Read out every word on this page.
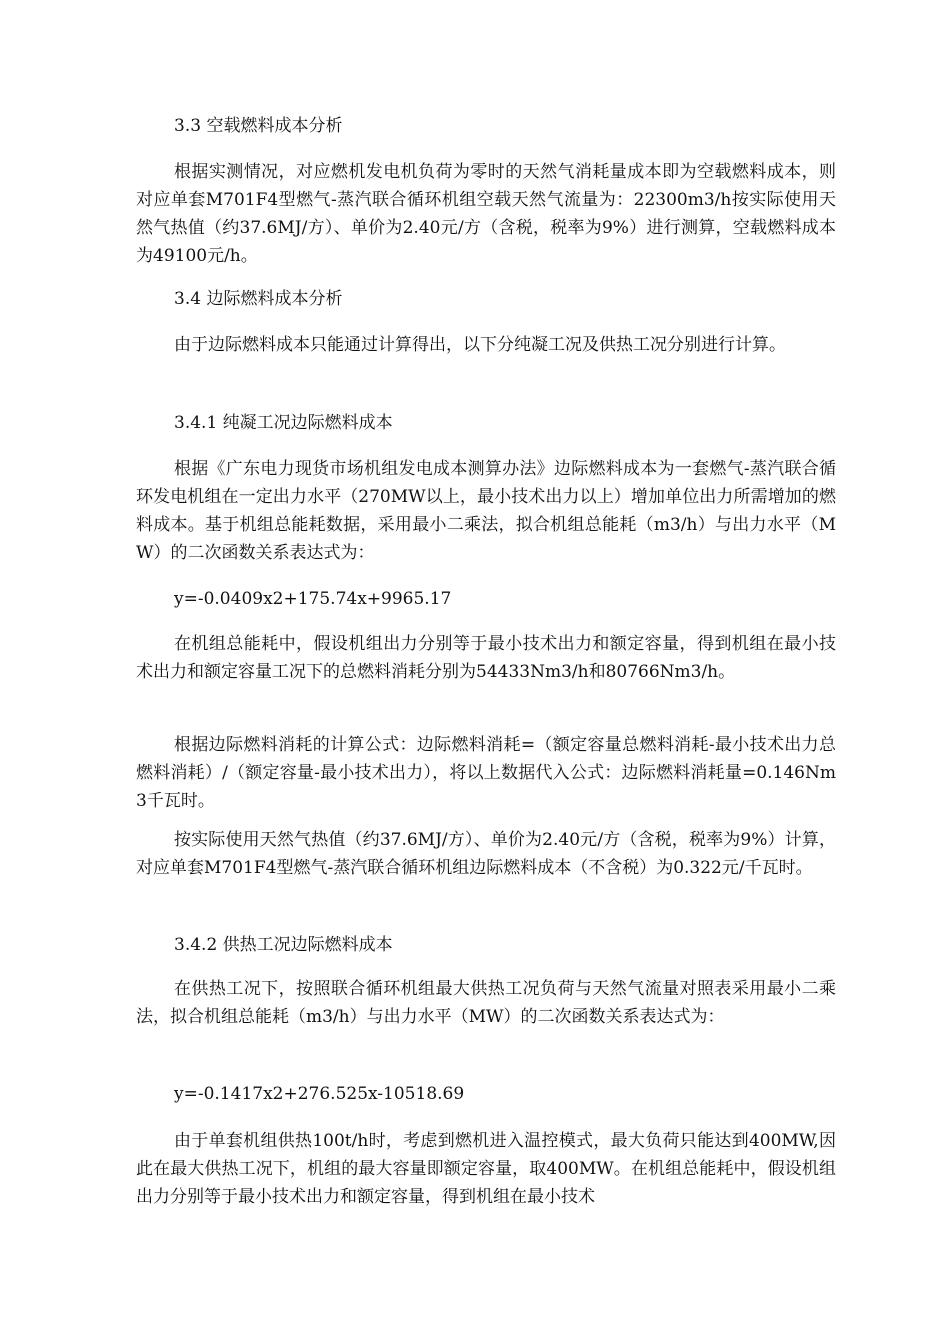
3.3 空载燃料成本分析

根据实测情况，对应燃机发电机负荷为零时的天然气消耗量成本即为空载燃料成本，则对应单套M701F4型燃气-蒸汽联合循环机组空载天然气流量为：22300m3/h按实际使用天然气热值（约37.6MJ/方）、单价为2.40元/方（含税，税率为9%）进行测算，空载燃料成本为49100元/h。

3.4 边际燃料成本分析

由于边际燃料成本只能通过计算得出，以下分纯凝工况及供热工况分别进行计算。

3.4.1 纯凝工况边际燃料成本

根据《广东电力现货市场机组发电成本测算办法》边际燃料成本为一套燃气-蒸汽联合循环发电机组在一定出力水平（270MW以上，最小技术出力以上）增加单位出力所需增加的燃料成本。基于机组总能耗数据，采用最小二乘法，拟合机组总能耗（m3/h）与出力水平（MW）的二次函数关系表达式为：

y=-0.0409x2+175.74x+9965.17

在机组总能耗中，假设机组出力分别等于最小技术出力和额定容量，得到机组在最小技术出力和额定容量工况下的总燃料消耗分别为54433Nm3/h和80766Nm3/h。

根据边际燃料消耗的计算公式：边际燃料消耗=（额定容量总燃料消耗-最小技术出力总燃料消耗）/（额定容量-最小技术出力），将以上数据代入公式：边际燃料消耗量=0.146Nm3千瓦时。

按实际使用天然气热值（约37.6MJ/方）、单价为2.40元/方（含税，税率为9%）计算，对应单套M701F4型燃气-蒸汽联合循环机组边际燃料成本（不含税）为0.322元/千瓦时。

3.4.2 供热工况边际燃料成本

在供热工况下，按照联合循环机组最大供热工况负荷与天然气流量对照表采用最小二乘法，拟合机组总能耗（m3/h）与出力水平（MW）的二次函数关系表达式为：

y=-0.1417x2+276.525x-10518.69

由于单套机组供热100t/h时，考虑到燃机进入温控模式，最大负荷只能达到400MW,因此在最大供热工况下，机组的最大容量即额定容量，取400MW。在机组总能耗中，假设机组出力分别等于最小技术出力和额定容量，得到机组在最小技术
